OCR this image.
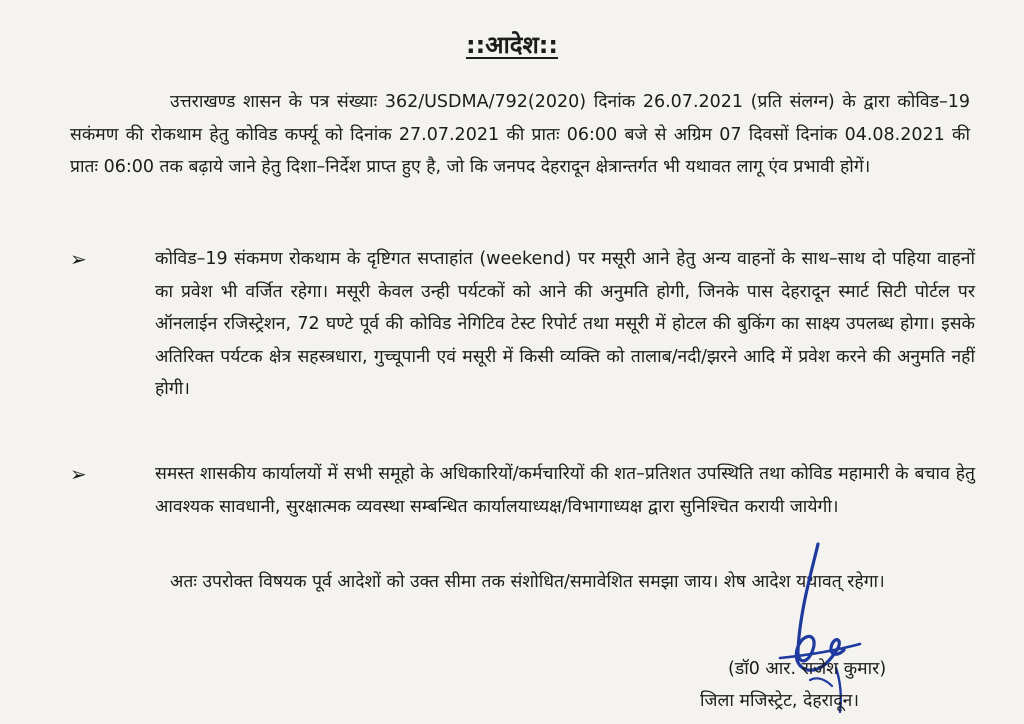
::आदेश::
उत्तराखण्ड शासन के पत्र संख्याः 362/USDMA/792(2020) दिनांक 26.07.2021 (प्रति संलग्न) के द्वारा कोविड–19 सकंमण की रोकथाम हेतु कोविड कर्फ्यू को दिनांक 27.07.2021 की प्रातः 06:00 बजे से अग्रिम 07 दिवसों दिनांक 04.08.2021 की प्रातः 06:00 तक बढ़ाये जाने हेतु दिशा–निर्देश प्राप्त हुए है, जो कि जनपद देहरादून क्षेत्रान्तर्गत भी यथावत लागू एंव प्रभावी होगें।
➢	कोविड–19 संकमण रोकथाम के दृष्टिगत सप्ताहांत (weekend) पर मसूरी आने हेतु अन्य वाहनों के साथ–साथ दो पहिया वाहनों का प्रवेश भी वर्जित रहेगा। मसूरी केवल उन्ही पर्यटकों को आने की अनुमति होगी, जिनके पास देहरादून स्मार्ट सिटी पोर्टल पर ऑनलाईन रजिस्ट्रेशन, 72 घण्टे पूर्व की कोविड नेगिटिव टेस्ट रिपोर्ट तथा मसूरी में होटल की बुकिंग का साक्ष्य उपलब्ध होगा। इसके अतिरिक्त पर्यटक क्षेत्र सहस्त्रधारा, गुच्चूपानी एवं मसूरी में किसी व्यक्ति को तालाब/नदी/झरने आदि में प्रवेश करने की अनुमति नहीं होगी।
➢	समस्त शासकीय कार्यालयों में सभी समूहो के अधिकारियों/कर्मचारियों की शत–प्रतिशत उपस्थिति तथा कोविड महामारी के बचाव हेतु आवश्यक सावधानी, सुरक्षात्मक व्यवस्था सम्बन्धित कार्यालयाध्यक्ष/विभागाध्यक्ष द्वारा सुनिश्चित करायी जायेगी।
अतः उपरोक्त विषयक पूर्व आदेशों को उक्त सीमा तक संशोधित/समावेशित समझा जाय। शेष आदेश यथावत् रहेगा।
(डॉ0 आर. राजेश कुमार)
जिला मजिस्ट्रेट, देहरादून।
